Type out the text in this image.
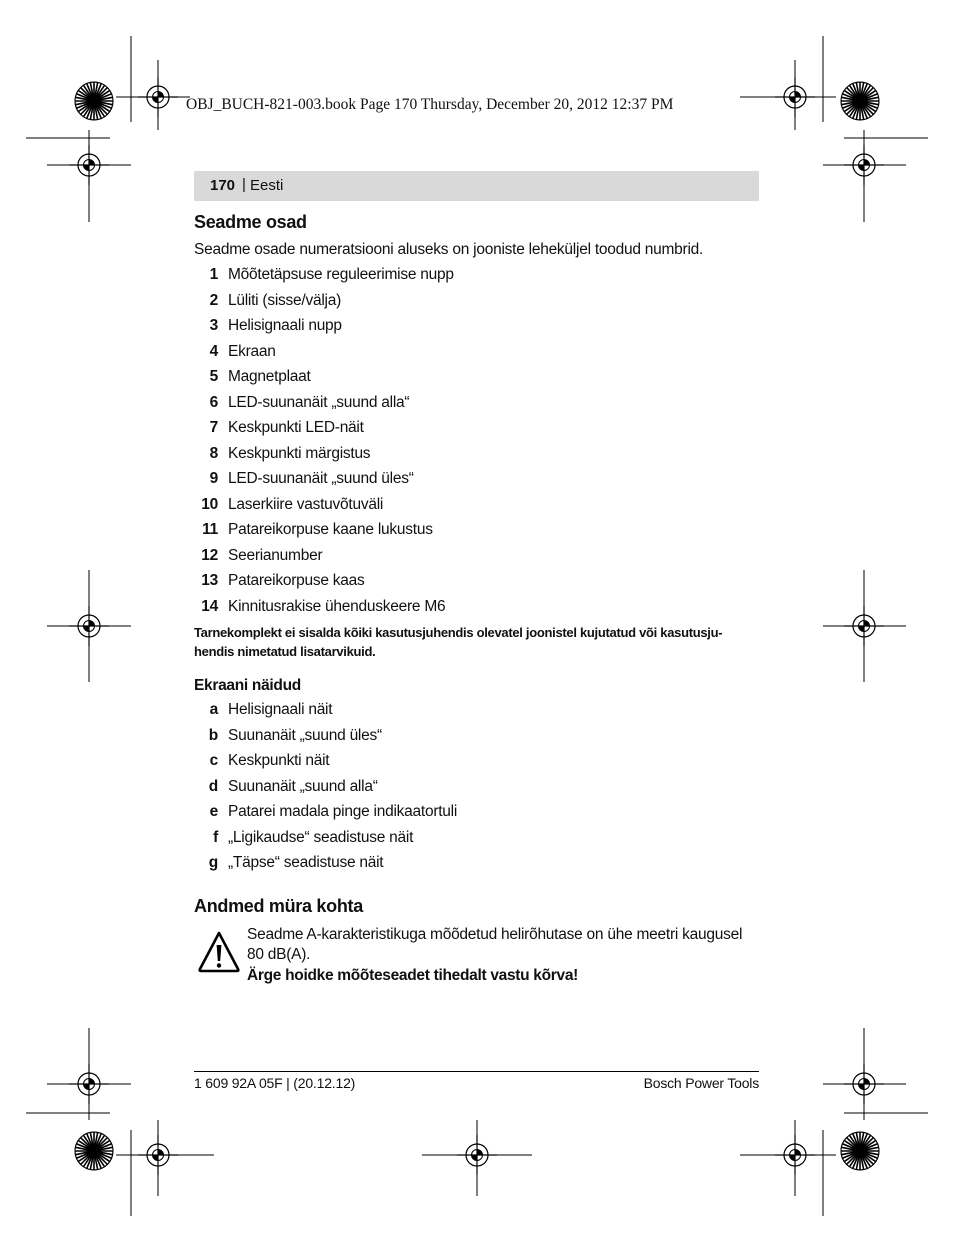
OBJ_BUCH-821-003.book Page 170 Thursday, December 20, 2012 12:37 PM
170 | Eesti
Seadme osad
Seadme osade numeratsiooni aluseks on jooniste leheküljel toodud numbrid.
1 Mõõtetäpsuse reguleerimise nupp
2 Lüliti (sisse/välja)
3 Helisignaali nupp
4 Ekraan
5 Magnetplaat
6 LED-suunanäit „suund alla“
7 Keskpunkti LED-näit
8 Keskpunkti märgistus
9 LED-suunanäit „suund üles“
10 Laserkiire vastuvõtuväli
11 Patareikorpuse kaane lukustus
12 Seerianumber
13 Patareikorpuse kaas
14 Kinnitusrakise ühenduskeere M6
Tarnekomplekt ei sisalda kõiki kasutusjuhendis olevatel joonistel kujutatud või kasutusju-
hendis nimetatud lisatarvikuid.
Ekraani näidud
a Helisignaali näit
b Suunanäit „suund üles“
c Keskpunkti näit
d Suunanäit „suund alla“
e Patarei madala pinge indikaatortuli
f „Ligikaudse“ seadistuse näit
g „Täpse“ seadistuse näit
Andmed müra kohta
Seadme A-karakteristikuga mõõdetud helirõhutase on ühe meetri kaugusel
80 dB(A).
Ärge hoidke mõõteseadet tihedalt vastu kõrva!
1 609 92A 05F | (20.12.12)	Bosch Power Tools
